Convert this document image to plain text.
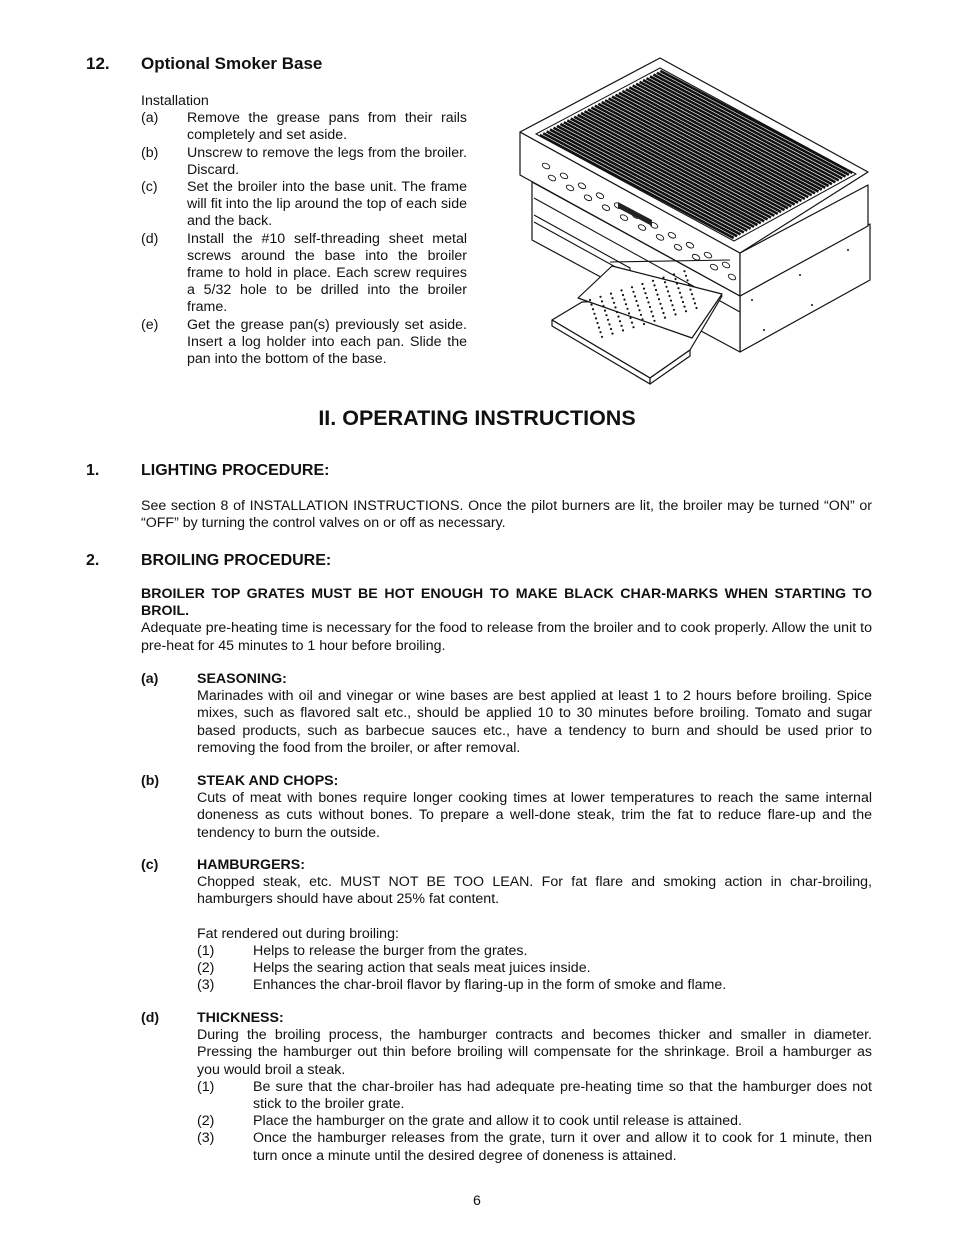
12. Optional Smoker Base
Installation
(a) Remove the grease pans from their rails completely and set aside.
(b) Unscrew to remove the legs from the broiler. Discard.
(c) Set the broiler into the base unit. The frame will fit into the lip around the top of each side and the back.
(d) Install the #10 self-threading sheet metal screws around the base into the broiler frame to hold in place. Each screw requires a 5/32 hole to be drilled into the broiler frame.
(e) Get the grease pan(s) previously set aside. Insert a log holder into each pan. Slide the pan into the bottom of the base.
II. OPERATING INSTRUCTIONS
1.	LIGHTING PROCEDURE:
See section 8 of INSTALLATION INSTRUCTIONS. Once the pilot burners are lit, the broiler may be turned “ON” or “OFF” by turning the control valves on or off as necessary.
2.	BROILING PROCEDURE:
BROILER TOP GRATES MUST BE HOT ENOUGH TO MAKE BLACK CHAR-MARKS WHEN STARTING TO BROIL.
Adequate pre-heating time is necessary for the food to release from the broiler and to cook properly. Allow the unit to pre-heat for 45 minutes to 1 hour before broiling.
(a)	SEASONING:
Marinades with oil and vinegar or wine bases are best applied at least 1 to 2 hours before broiling. Spice mixes, such as flavored salt etc., should be applied 10 to 30 minutes before broiling. Tomato and sugar based products, such as barbecue sauces etc., have a tendency to burn and should be used prior to removing the food from the broiler, or after removal.
(b)	STEAK AND CHOPS:
Cuts of meat with bones require longer cooking times at lower temperatures to reach the same internal doneness as cuts without bones. To prepare a well-done steak, trim the fat to reduce flare-up and the tendency to burn the outside.
(c)	HAMBURGERS:
Chopped steak, etc. MUST NOT BE TOO LEAN. For fat flare and smoking action in char-broiling, hamburgers should have about 25% fat content.
Fat rendered out during broiling:
(1)	Helps to release the burger from the grates.
(2)	Helps the searing action that seals meat juices inside.
(3)	Enhances the char-broil flavor by flaring-up in the form of smoke and flame.
(d)	THICKNESS:
During the broiling process, the hamburger contracts and becomes thicker and smaller in diameter. Pressing the hamburger out thin before broiling will compensate for the shrinkage. Broil a hamburger as you would broil a steak.
(1)	Be sure that the char-broiler has had adequate pre-heating time so that the hamburger does not stick to the broiler grate.
(2)	Place the hamburger on the grate and allow it to cook until release is attained.
(3)	Once the hamburger releases from the grate, turn it over and allow it to cook for 1 minute, then turn once a minute until the desired degree of doneness is attained.
6
